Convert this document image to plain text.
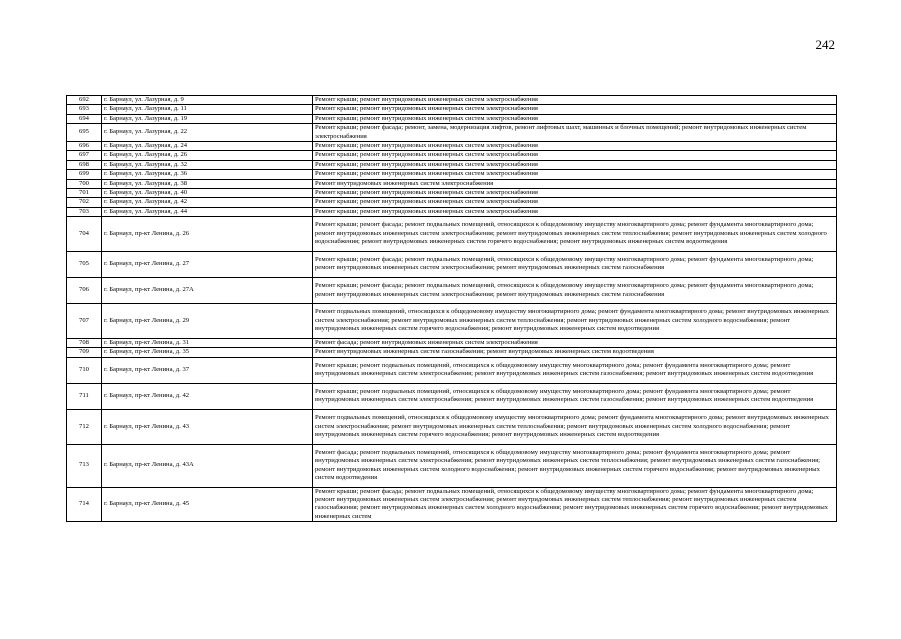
242
692	г. Барнаул, ул. Лазурная, д. 9	Ремонт крыши; ремонт внутридомовых инженерных систем электроснабжения
693	г. Барнаул, ул. Лазурная, д. 11	Ремонт крыши; ремонт внутридомовых инженерных систем электроснабжения
694	г. Барнаул, ул. Лазурная, д. 19	Ремонт крыши; ремонт внутридомовых инженерных систем электроснабжения
695	г. Барнаул, ул. Лазурная, д. 22	Ремонт крыши; ремонт фасада; ремонт, замена, модернизация лифтов, ремонт лифтовых шахт, машинных и блочных помещений; ремонт внутридомовых инженерных систем электроснабжения
696	г. Барнаул, ул. Лазурная, д. 24	Ремонт крыши; ремонт внутридомовых инженерных систем электроснабжения
697	г. Барнаул, ул. Лазурная, д. 26	Ремонт крыши; ремонт внутридомовых инженерных систем электроснабжения
698	г. Барнаул, ул. Лазурная, д. 32	Ремонт крыши; ремонт внутридомовых инженерных систем электроснабжения
699	г. Барнаул, ул. Лазурная, д. 36	Ремонт крыши; ремонт внутридомовых инженерных систем электроснабжения
700	г. Барнаул, ул. Лазурная, д. 38	Ремонт внутридомовых инженерных систем электроснабжения
701	г. Барнаул, ул. Лазурная, д. 40	Ремонт крыши; ремонт внутридомовых инженерных систем электроснабжения
702	г. Барнаул, ул. Лазурная, д. 42	Ремонт крыши; ремонт внутридомовых инженерных систем электроснабжения
703	г. Барнаул, ул. Лазурная, д. 44	Ремонт крыши; ремонт внутридомовых инженерных систем электроснабжения
704	г. Барнаул, пр-кт Ленина, д. 26	Ремонт крыши; ремонт фасада; ремонт подвальных помещений, относящихся к общедомовому имуществу многоквартирного дома; ремонт фундамента многоквартирного дома; ремонт внутридомовых инженерных систем электроснабжения; ремонт внутридомовых инженерных систем теплоснабжения; ремонт внутридомовых инженерных систем холодного водоснабжения; ремонт внутридомовых инженерных систем горячего водоснабжения; ремонт внутридомовых инженерных систем водоотведения
705	г. Барнаул, пр-кт Ленина, д. 27	Ремонт крыши; ремонт фасада; ремонт подвальных помещений, относящихся к общедомовому имуществу многоквартирного дома; ремонт фундамента многоквартирного дома; ремонт внутридомовых инженерных систем электроснабжения; ремонт внутридомовых инженерных систем газоснабжения
706	г. Барнаул, пр-кт Ленина, д. 27А	Ремонт крыши; ремонт фасада; ремонт подвальных помещений, относящихся к общедомовому имуществу многоквартирного дома; ремонт фундамента многоквартирного дома; ремонт внутридомовых инженерных систем электроснабжения; ремонт внутридомовых инженерных систем газоснабжения
707	г. Барнаул, пр-кт Ленина, д. 29	Ремонт подвальных помещений, относящихся к общедомовому имуществу многоквартирного дома; ремонт фундамента многоквартирного дома; ремонт внутридомовых инженерных систем электроснабжения; ремонт внутридомовых инженерных систем теплоснабжения; ремонт внутридомовых инженерных систем холодного водоснабжения; ремонт внутридомовых инженерных систем горячего водоснабжения; ремонт внутридомовых инженерных систем водоотведения
708	г. Барнаул, пр-кт Ленина, д. 31	Ремонт фасада; ремонт внутридомовых инженерных систем электроснабжения
709	г. Барнаул, пр-кт Ленина, д. 35	Ремонт внутридомовых инженерных систем газоснабжения; ремонт внутридомовых инженерных систем водоотведения
710	г. Барнаул, пр-кт Ленина, д. 37	Ремонт крыши; ремонт подвальных помещений, относящихся к общедомовому имуществу многоквартирного дома; ремонт фундамента многоквартирного дома; ремонт внутридомовых инженерных систем электроснабжения; ремонт внутридомовых инженерных систем газоснабжения; ремонт внутридомовых инженерных систем водоотведения
711	г. Барнаул, пр-кт Ленина, д. 42	Ремонт крыши; ремонт подвальных помещений, относящихся к общедомовому имуществу многоквартирного дома; ремонт фундамента многоквартирного дома; ремонт внутридомовых инженерных систем электроснабжения; ремонт внутридомовых инженерных систем газоснабжения; ремонт внутридомовых инженерных систем водоотведения
712	г. Барнаул, пр-кт Ленина, д. 43	Ремонт подвальных помещений, относящихся к общедомовому имуществу многоквартирного дома; ремонт фундамента многоквартирного дома; ремонт внутридомовых инженерных систем электроснабжения; ремонт внутридомовых инженерных систем теплоснабжения; ремонт внутридомовых инженерных систем холодного водоснабжения; ремонт внутридомовых инженерных систем горячего водоснабжения; ремонт внутридомовых инженерных систем водоотведения
713	г. Барнаул, пр-кт Ленина, д. 43А	Ремонт фасада; ремонт подвальных помещений, относящихся к общедомовому имуществу многоквартирного дома; ремонт фундамента многоквартирного дома; ремонт внутридомовых инженерных систем электроснабжения; ремонт внутридомовых инженерных систем теплоснабжения; ремонт внутридомовых инженерных систем газоснабжения; ремонт внутридомовых инженерных систем холодного водоснабжения; ремонт внутридомовых инженерных систем горячего водоснабжения; ремонт внутридомовых инженерных систем водоотведения
714	г. Барнаул, пр-кт Ленина, д. 45	Ремонт крыши; ремонт фасада; ремонт подвальных помещений, относящихся к общедомовому имуществу многоквартирного дома; ремонт фундамента многоквартирного дома; ремонт внутридомовых инженерных систем электроснабжения; ремонт внутридомовых инженерных систем теплоснабжения; ремонт внутридомовых инженерных систем газоснабжения; ремонт внутридомовых инженерных систем холодного водоснабжения; ремонт внутридомовых инженерных систем горячего водоснабжения; ремонт внутридомовых инженерных систем
